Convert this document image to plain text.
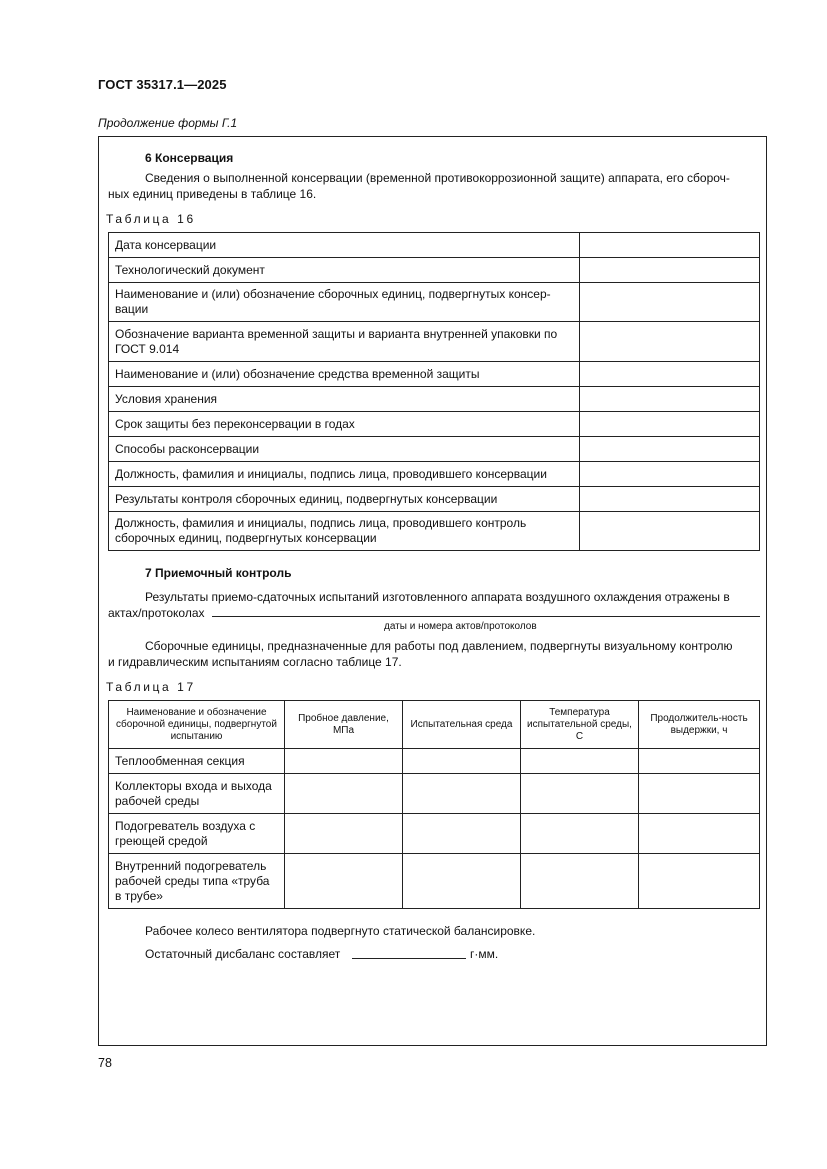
ГОСТ 35317.1—2025
Продолжение формы Г.1
6 Консервация
Сведения о выполненной консервации (временной противокоррозионной защите) аппарата, его сбороч-
ных единиц приведены в таблице 16.
Таблица 16
Дата консервации	
Технологический документ	
Наименование и (или) обозначение сборочных единиц, подвергнутых консер-вации	
Обозначение варианта временной защиты и варианта внутренней упаковки по ГОСТ 9.014	
Наименование и (или) обозначение средства временной защиты	
Условия хранения	
Срок защиты без переконсервации в годах	
Способы расконсервации	
Должность, фамилия и инициалы, подпись лица, проводившего консервации	
Результаты контроля сборочных единиц, подвергнутых консервации	
Должность, фамилия и инициалы, подпись лица, проводившего контроль сборочных единиц, подвергнутых консервации	
7 Приемочный контроль
Результаты приемо-сдаточных испытаний изготовленного аппарата воздушного охлаждения отражены в
актах/протоколах
даты и номера актов/протоколов
Сборочные единицы, предназначенные для работы под давлением, подвергнуты визуальному контролю
и гидравлическим испытаниям согласно таблице 17.
Таблица 17
Наименование и обозначение сборочной единицы, подвергнутой испытанию	Пробное давление, МПа	Испытательная среда	Температура испытательной среды, С	Продолжитель-ность выдержки, ч
Теплообменная секция				
Коллекторы входа и выхода рабочей среды				
Подогреватель воздуха с греющей средой				
Внутренний подогреватель рабочей среды типа «труба в трубе»				
Рабочее колесо вентилятора подвергнуто статической балансировке.
Остаточный дисбаланс составляет	г·мм.
78
